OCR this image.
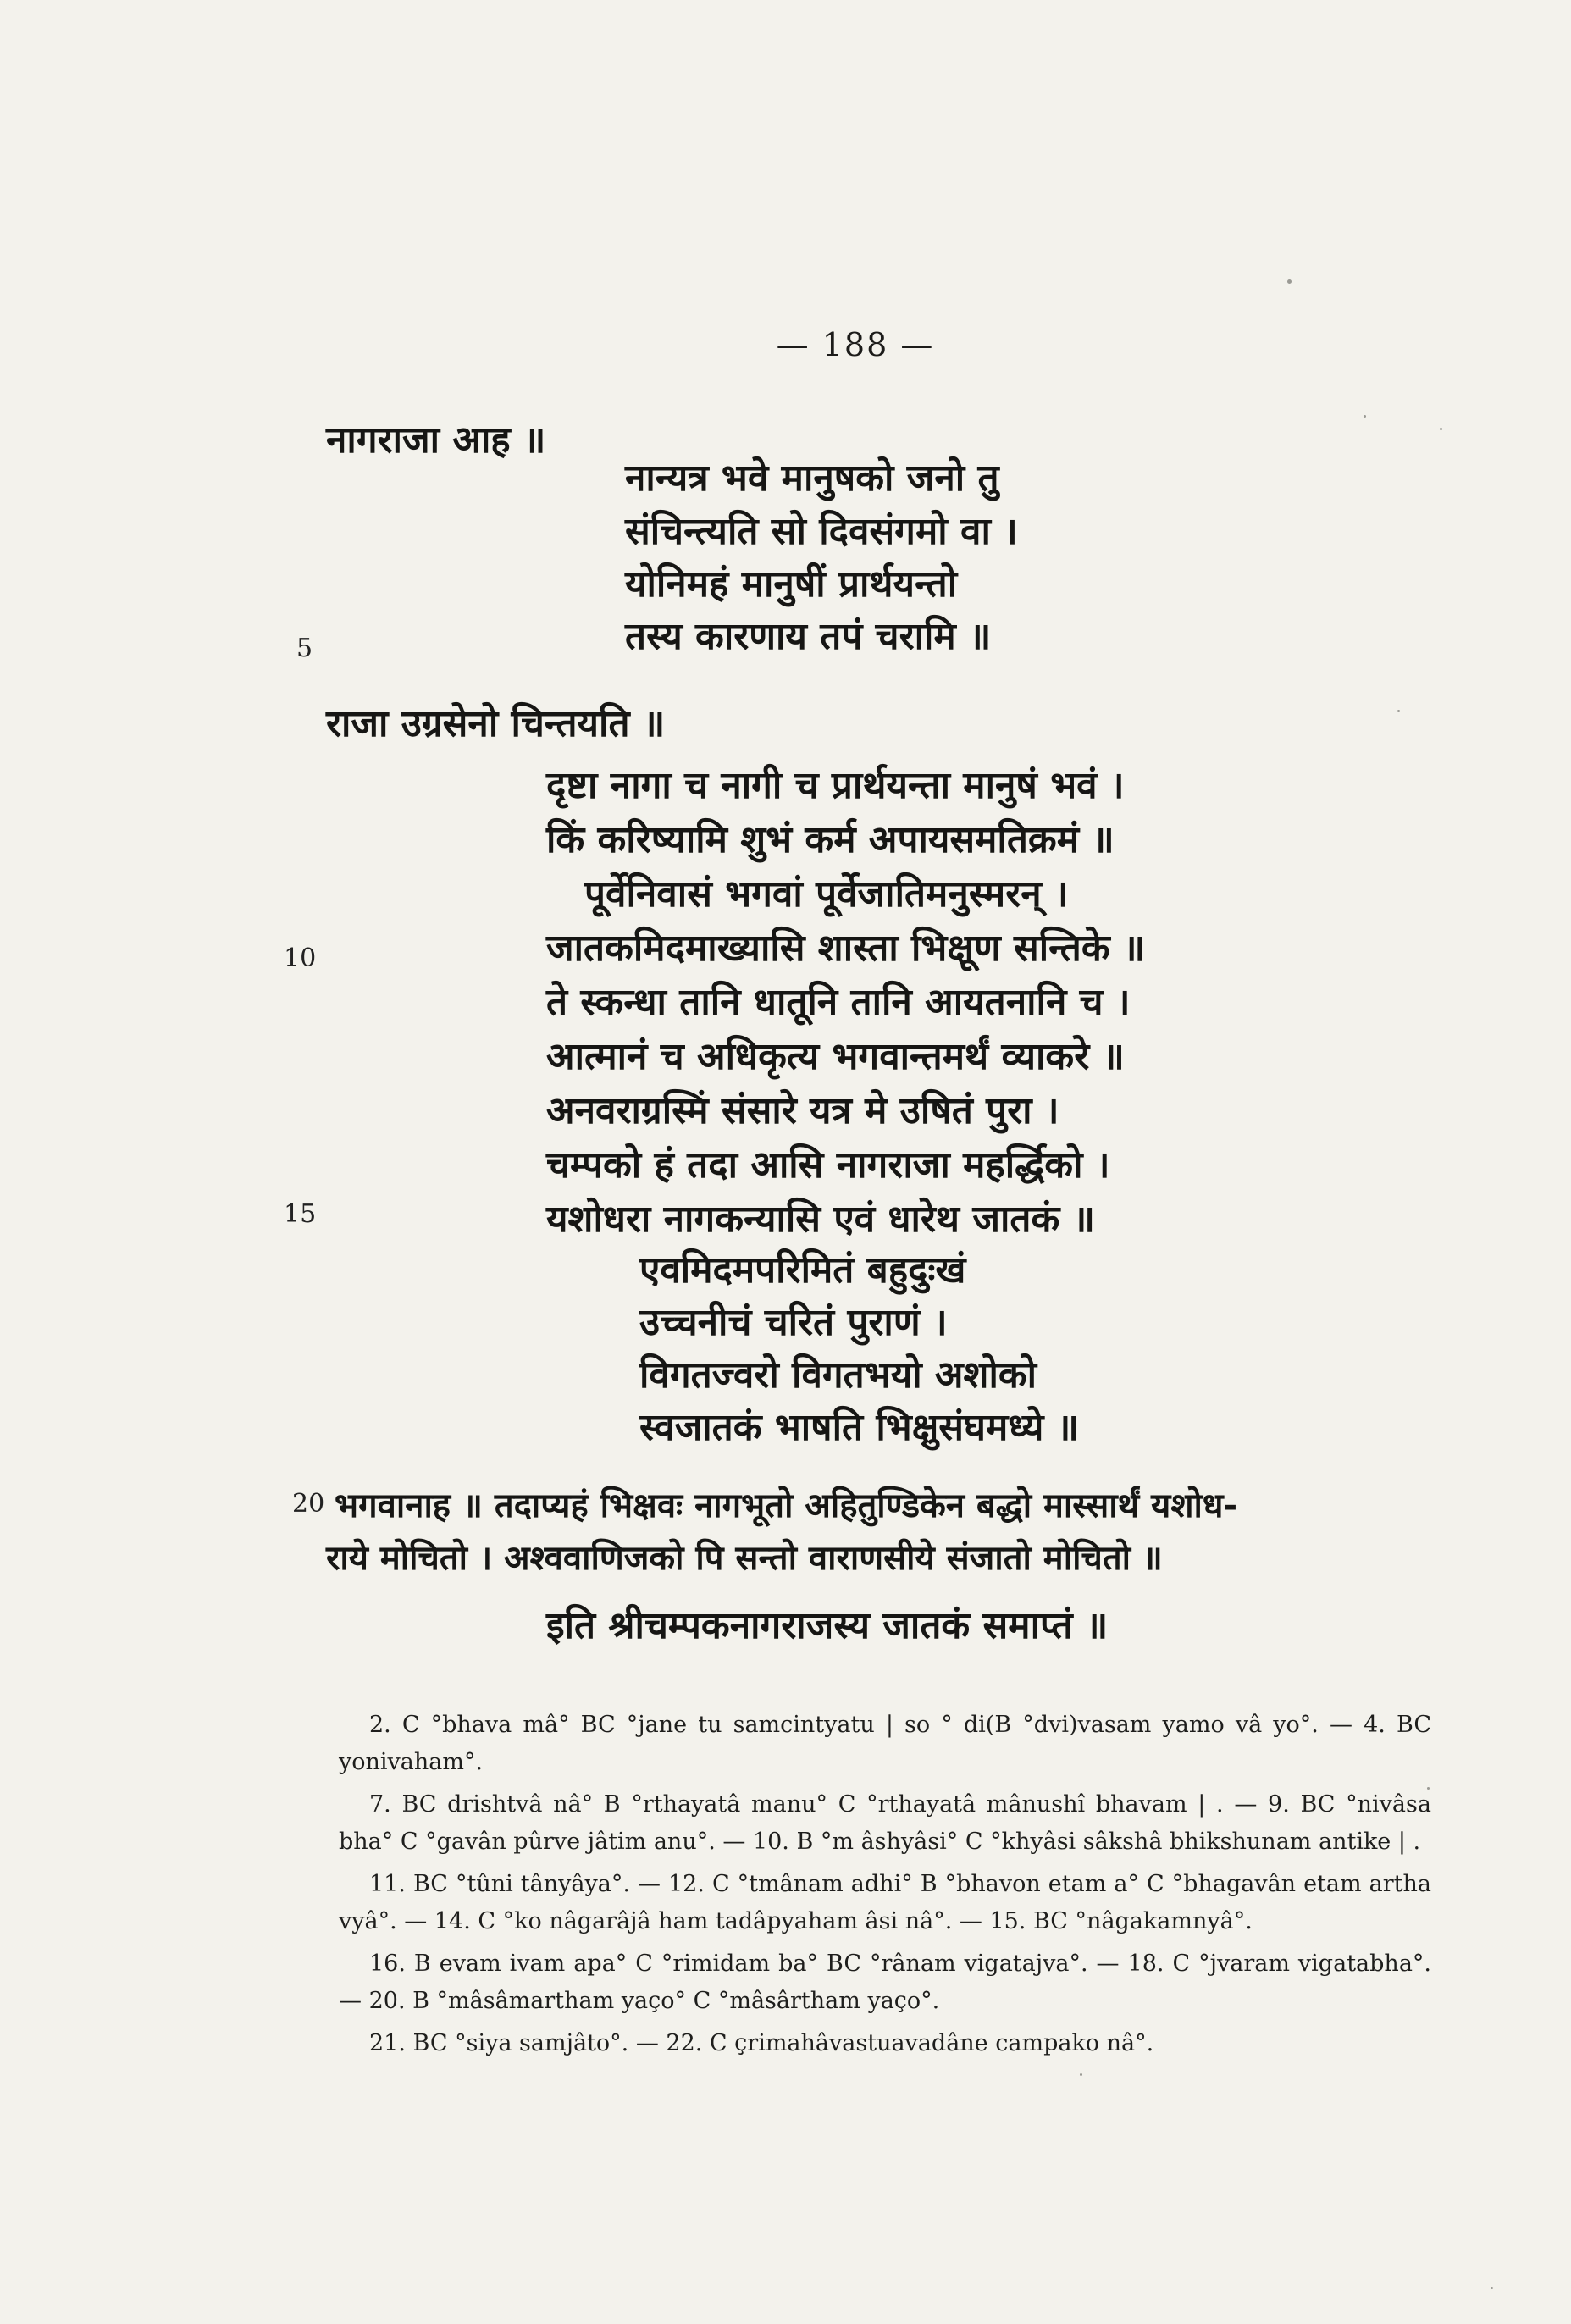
— 188 —
नागराजा आह ॥
नान्यत्र भवे मानुषको जनो तु
संचिन्त्यति सो दिवसंगमो वा ।
योनिमहं मानुषीं प्रार्थयन्तो
तस्य कारणाय तपं चरामि ॥
राजा उग्रसेनो चिन्तयति ॥
दृष्टा नागा च नागी च प्रार्थयन्ता मानुषं भवं ।
किं करिष्यामि शुभं कर्म अपायसमतिक्रमं ॥
पूर्वेनिवासं भगवां पूर्वेजातिमनुस्मरन् ।
जातकमिदमाख्यासि शास्ता भिक्षूण सन्तिके ॥
ते स्कन्धा तानि धातूनि तानि आयतनानि च ।
आत्मानं च अधिकृत्य भगवान्तमर्थं व्याकरे ॥
अनवराग्रस्मिं संसारे यत्र मे उषितं पुरा ।
चम्पको हं तदा आसि नागराजा महर्द्धिको ।
यशोधरा नागकन्यासि एवं धारेथ जातकं ॥
एवमिदमपरिमितं बहुदुःखं
उच्चनीचं चरितं पुराणं ।
विगतज्वरो विगतभयो अशोको
स्वजातकं भाषति भिक्षुसंघमध्ये ॥
भगवानाह ॥ तदाप्यहं भिक्षवः नागभूतो अहितुण्डिकेन बद्धो मास्सार्थं यशोध-
राये मोचितो । अश्ववाणिजको पि सन्तो वाराणसीये संजातो मोचितो ॥
इति श्रीचम्पकनागराजस्य जातकं समाप्तं ॥
5
10
15
20

2. C °bhava mâ° BC °jane tu samcintyatu | so ° di(B °dvi)vasam yamo vâ yo°. — 4. BC yonivaham°.

7. BC drishtvâ nâ° B °rthayatâ manu° C °rthayatâ mânushî bhavam | . — 9. BC °nivâsa bha° C °gavân pûrve jâtim anu°. — 10. B °m âshyâsi° C °khyâsi sâkshâ bhikshunam antike | .

11. BC °tûni tânyâya°. — 12. C °tmânam adhi° B °bhavon etam a° C °bhagavân etam artha vyâ°. — 14. C °ko nâgarâjâ ham tadâpyaham âsi nâ°. — 15. BC °nâgakamnyâ°.

16. B evam ivam apa° C °rimidam ba° BC °rânam vigatajva°. — 18. C °jvaram vigatabha°. — 20. B °mâsâmartham yaço° C °mâsârtham yaço°.

21. BC °siya samjâto°. — 22. C çrimahâvastuavadâne campako nâ°.
